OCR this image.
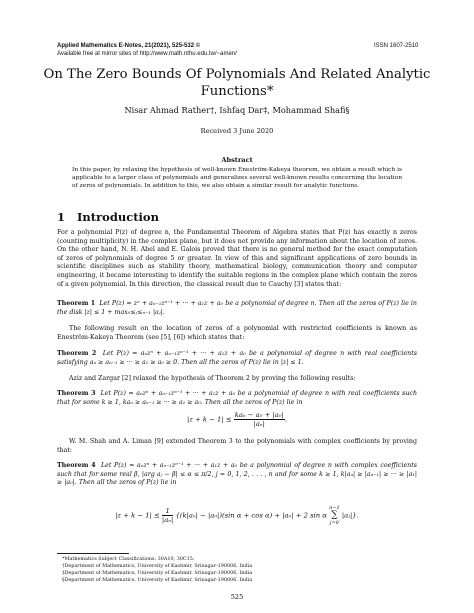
Applied Mathematics E-Notes, 21(2021), 525-532 ©
Available free at mirror sites of http://www.math.nthu.edu.tw/~amen/
ISSN 1607-2510
On The Zero Bounds Of Polynomials And Related Analytic
Functions*
Nisar Ahmad Rather†, Ishfaq Dar‡, Mohammad Shafi§
Received 3 June 2020
Abstract
In this paper, by relaxing the hypothesis of well-known Eneström-Kakeya theorem, we obtain a result which is applicable to a larger class of polynomials and generalizes several well-known results concerning the location of zeros of polynomials. In addition to this, we also obtain a similar result for analytic functions.
1 Introduction
For a polynomial P(z) of degree n, the Fundamental Theorem of Algebra states that P(z) has exactly n zeros (counting multiplicity) in the complex plane, but it does not provide any information about the location of zeros. On the other hand, N. H. Abel and E. Galois proved that there is no general method for the exact computation of zeros of polynomials of degree 5 or greater. In view of this and significant applications of zero bounds in scientific disciplines such as stability theory, mathematical biology, communication theory and computer engineering, it became interesting to identify the suitable regions in the complex plane which contain the zeros of a given polynomial. In this direction, the classical result due to Cauchy [3] states that:
Theorem 1 Let P(z) = zⁿ + aₙ₋₁zⁿ⁻¹ + ··· + a₁z + a₀ be a polynomial of degree n. Then all the zeros of P(z) lie in the disk |z| ≤ 1 + max₀≤ⱼ≤ₙ₋₁ |aⱼ|.
The following result on the location of zeros of a polynomial with restricted coefficients is known as Eneström-Kakeya Theorem (see [5], [6]) which states that:
Theorem 2 Let P(z) = aₙzⁿ + aₙ₋₁zⁿ⁻¹ + ··· + a₁z + a₀ be a polynomial of degree n with real coefficients satisfying aₙ ≥ aₙ₋₁ ≥ ··· ≥ a₁ ≥ a₀ ≥ 0. Then all the zeros of P(z) lie in |z| ≤ 1.
Aziz and Zargar [2] relaxed the hypothesis of Theorem 2 by proving the following results:
Theorem 3 Let P(z) = aₙzⁿ + aₙ₋₁zⁿ⁻¹ + ··· + a₁z + a₀ be a polynomial of degree n with real coefficients such that for some k ≥ 1, kaₙ ≥ aₙ₋₁ ≥ ··· ≥ a₁ ≥ a₀. Then all the zeros of P(z) lie in
$|z + k - 1| \le \frac{\text{kaₙ − a₀ + |a₀|}}{\text{|aₙ|}}$ .
W. M. Shah and A. Liman [9] extended Theorem 3 to the polynomials with complex coefficients by proving that:
Theorem 4 Let P(z) = aₙzⁿ + aₙ₋₁zⁿ⁻¹ + ··· + a₁z + a₀ be a polynomial of degree n with complex coefficients such that for some real β, |arg aⱼ − β| ≤ α ≤ π/2, j = 0, 1, 2, . . . , n and for some k ≥ 1, k|aₙ| ≥ |aₙ₋₁| ≥ ··· ≥ |a₁| ≥ |a₀|. Then all the zeros of P(z) lie in
$|z + k - 1| \le \frac{1}{\text{|aₙ|}} \{(k|a_n| - |a_0|)(\sin$ α + cos α) + |a₀| + 2 sin α
n−1
∑
j=0
|aⱼ|}.
*Mathematics Subject Classifications: 30A10, 30C15.
†Department of Mathematics, University of Kashmir, Srinagar-190006, India
‡Department of Mathematics, University of Kashmir, Srinagar-190006, India
§Department of Mathematics, University of Kashmir, Srinagar-190006, India
525
